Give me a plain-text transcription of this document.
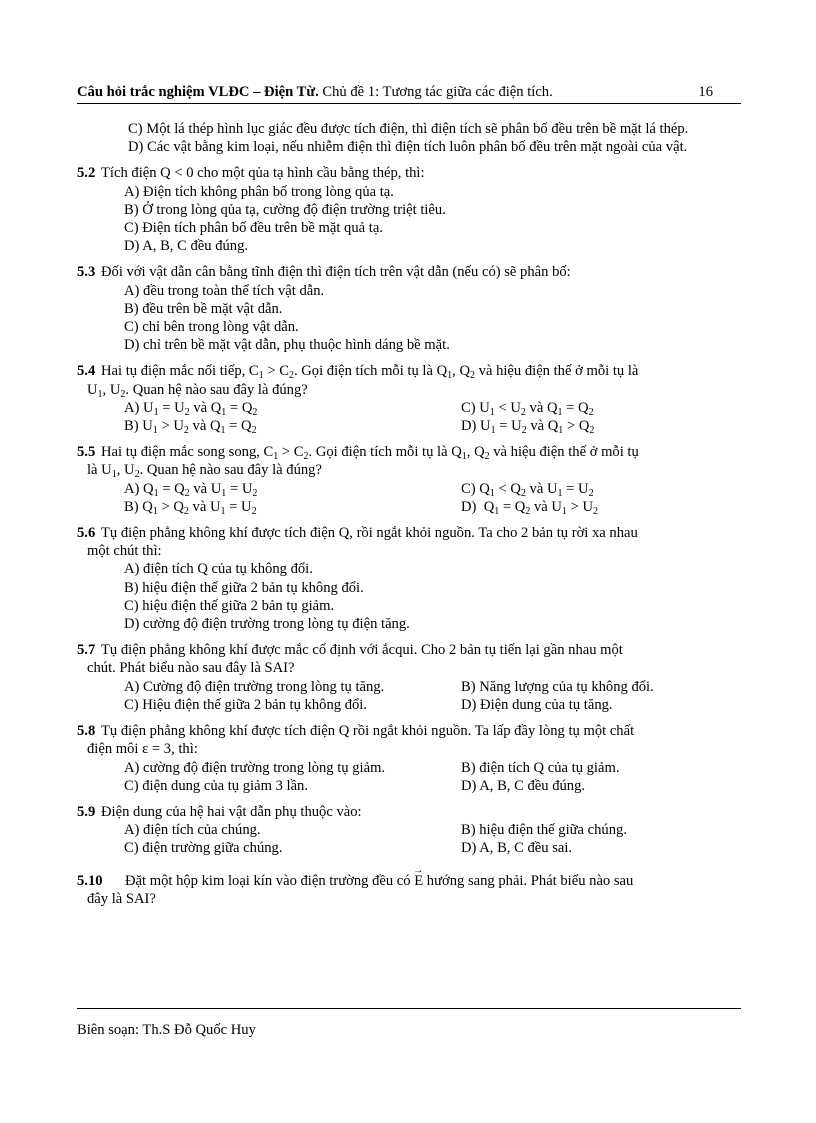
Câu hỏi trắc nghiệm VLĐC – Điện Từ. Chủ đề 1: Tương tác giữa các điện tích.	16
C) Một lá thép hình lục giác đều được tích điện, thì điện tích sẽ phân bố đều trên bề mặt lá thép.
D) Các vật bằng kim loại, nếu nhiễm điện thì điện tích luôn phân bố đều trên mặt ngoài của vật.
5.2 Tích điện Q < 0 cho một qủa tạ hình cầu bằng thép, thì:
A) Điện tích không phân bố trong lòng qủa tạ.
B) Ở trong lòng qủa tạ, cường độ điện trường triệt tiêu.
C) Điện tích phân bố đều trên bề mặt quả tạ.
D) A, B, C đều đúng.
5.3 Đối với vật dẫn cân bằng tĩnh điện thì điện tích trên vật dẫn (nếu có) sẽ phân bố:
A) đều trong toàn thể tích vật dẫn.
B) đều trên bề mặt vật dẫn.
C) chỉ bên trong lòng vật dẫn.
D) chỉ trên bề mặt vật dẫn, phụ thuộc hình dáng bề mặt.
5.4 Hai tụ điện mắc nối tiếp, $C_1 > C_2$. Gọi điện tích mỗi tụ là $Q_1$, $Q_2$ và hiệu điện thế ở mỗi tụ là
$U_1$, $U_2$. Quan hệ nào sau đây là đúng?
A) $U_1 = U_2$ và $Q_1 = Q_2$	C) $U_1 < U_2$ và $Q_1 = Q_2$
B) $U_1 > U_2$ và $Q_1 = Q_2$	D) $U_1 = U_2$ và $Q_1 > Q_2$
5.5 Hai tụ điện mắc song song, $C_1 > C_2$. Gọi điện tích mỗi tụ là $Q_1$, $Q_2$ và hiệu điện thế ở mỗi tụ
là $U_1$, $U_2$. Quan hệ nào sau đây là đúng?
A) $Q_1 = Q_2$ và $U_1 = U_2$	C) $Q_1 < Q_2$ và $U_1 = U_2$
B) $Q_1 > Q_2$ và $U_1 = U_2$	D)  $Q_1 = Q_2$ và $U_1 > U_2$
5.6 Tụ điện phẳng không khí được tích điện Q, rồi ngắt khỏi nguồn. Ta cho 2 bản tụ rời xa nhau
một chút thì:
A) điện tích Q của tụ không đổi.
B) hiệu điện thế giữa 2 bản tụ không đổi.
C) hiệu điện thế giữa 2 bản tụ giảm.
D) cường độ điện trường trong lòng tụ điện tăng.
5.7 Tụ điện phẳng không khí được mắc cố định với ắcqui. Cho 2 bản tụ tiến lại gần nhau một
chút. Phát biểu nào sau đây là SAI?
A) Cường độ điện trường trong lòng tụ tăng.	B) Năng lượng của tụ không đổi.
C) Hiệu điện thế giữa 2 bản tụ không đổi.	D) Điện dung của tụ tăng.
5.8 Tụ điện phẳng không khí được tích điện Q rồi ngắt khỏi nguồn. Ta lấp đầy lòng tụ một chất
điện môi ε = 3, thì:
A) cường độ điện trường trong lòng tụ giảm.	B) điện tích Q của tụ giảm.
C) điện dung của tụ giảm 3 lần.	D) A, B, C đều đúng.
5.9 Điện dung của hệ hai vật dẫn phụ thuộc vào:
A) điện tích của chúng.	B) hiệu điện thế giữa chúng.
C) điện trường giữa chúng.	D) A, B, C đều sai.
5.10	Đặt một hộp kim loại kín vào điện trường đều có → E hướng sang phải. Phát biểu nào sau
đây là SAI?
Biên soạn: Th.S Đỗ Quốc Huy
